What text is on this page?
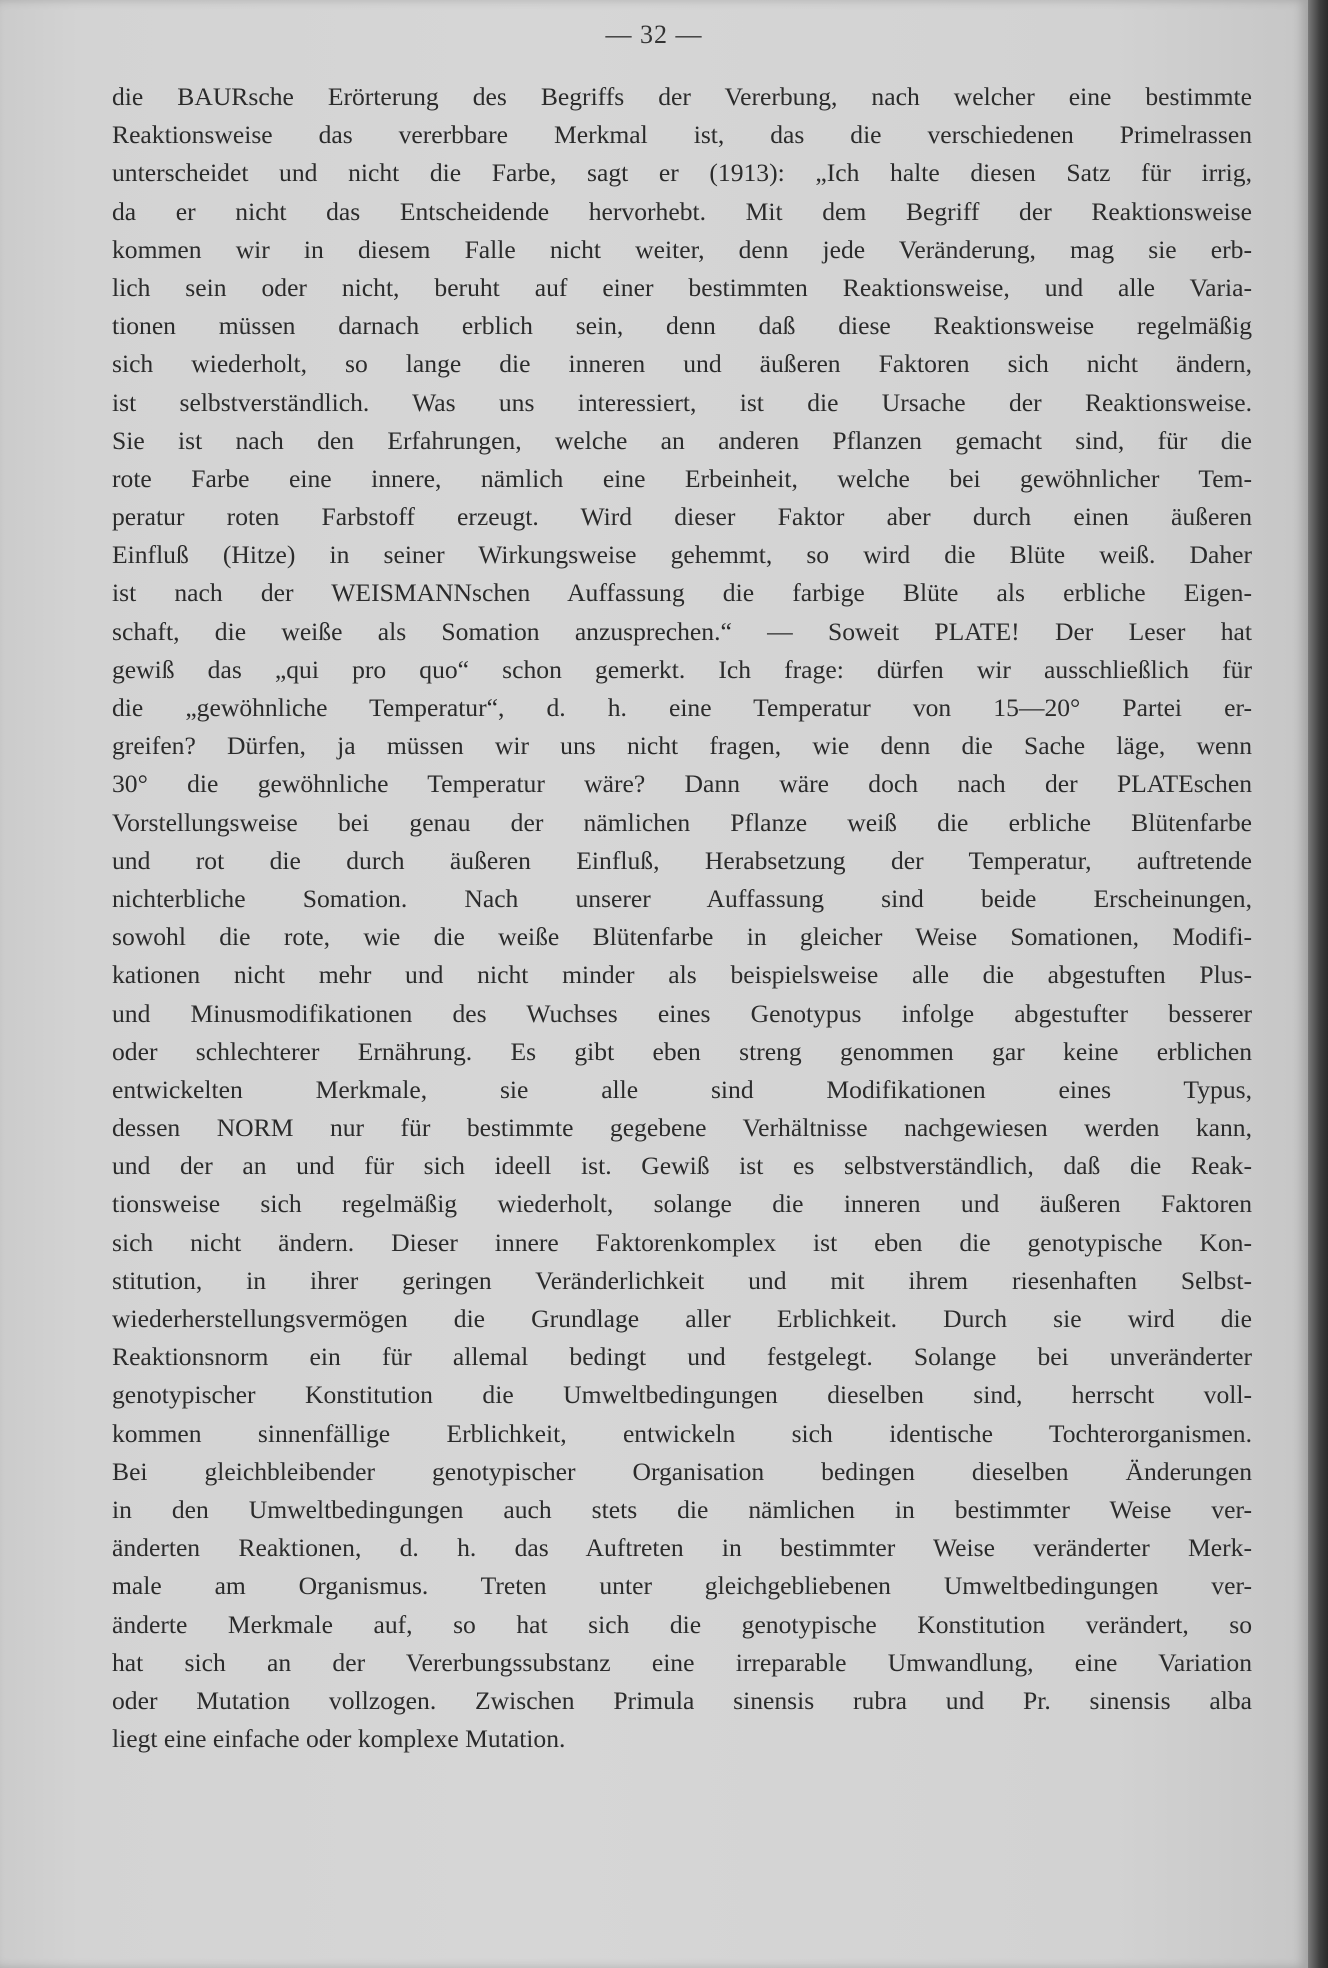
— 32 —
die BAURsche Erörterung des Begriffs der Vererbung, nach welcher eine bestimmte
Reaktionsweise das vererbbare Merkmal ist, das die verschiedenen Primelrassen
unterscheidet und nicht die Farbe, sagt er (1913): „Ich halte diesen Satz für irrig,
da er nicht das Entscheidende hervorhebt. Mit dem Begriff der Reaktionsweise
kommen wir in diesem Falle nicht weiter, denn jede Veränderung, mag sie erb-
lich sein oder nicht, beruht auf einer bestimmten Reaktionsweise, und alle Varia-
tionen müssen darnach erblich sein, denn daß diese Reaktionsweise regelmäßig
sich wiederholt, so lange die inneren und äußeren Faktoren sich nicht ändern,
ist selbstverständlich. Was uns interessiert, ist die Ursache der Reaktionsweise.
Sie ist nach den Erfahrungen, welche an anderen Pflanzen gemacht sind, für die
rote Farbe eine innere, nämlich eine Erbeinheit, welche bei gewöhnlicher Tem-
peratur roten Farbstoff erzeugt. Wird dieser Faktor aber durch einen äußeren
Einfluß (Hitze) in seiner Wirkungsweise gehemmt, so wird die Blüte weiß. Daher
ist nach der WEISMANNschen Auffassung die farbige Blüte als erbliche Eigen-
schaft, die weiße als Somation anzusprechen.“ — Soweit PLATE! Der Leser hat
gewiß das „qui pro quo“ schon gemerkt. Ich frage: dürfen wir ausschließlich für
die „gewöhnliche Temperatur“, d. h. eine Temperatur von 15—20° Partei er-
greifen? Dürfen, ja müssen wir uns nicht fragen, wie denn die Sache läge, wenn
30° die gewöhnliche Temperatur wäre? Dann wäre doch nach der PLATEschen
Vorstellungsweise bei genau der nämlichen Pflanze weiß die erbliche Blütenfarbe
und rot die durch äußeren Einfluß, Herabsetzung der Temperatur, auftretende
nichterbliche Somation. Nach unserer Auffassung sind beide Erscheinungen,
sowohl die rote, wie die weiße Blütenfarbe in gleicher Weise Somationen, Modifi-
kationen nicht mehr und nicht minder als beispielsweise alle die abgestuften Plus-
und Minusmodifikationen des Wuchses eines Genotypus infolge abgestufter besserer
oder schlechterer Ernährung. Es gibt eben streng genommen gar keine erblichen
entwickelten Merkmale, sie alle sind Modifikationen eines Typus,
dessen NORM nur für bestimmte gegebene Verhältnisse nachgewiesen werden kann,
und der an und für sich ideell ist. Gewiß ist es selbstverständlich, daß die Reak-
tionsweise sich regelmäßig wiederholt, solange die inneren und äußeren Faktoren
sich nicht ändern. Dieser innere Faktorenkomplex ist eben die genotypische Kon-
stitution, in ihrer geringen Veränderlichkeit und mit ihrem riesenhaften Selbst-
wiederherstellungsvermögen die Grundlage aller Erblichkeit. Durch sie wird die
Reaktionsnorm ein für allemal bedingt und festgelegt. Solange bei unveränderter
genotypischer Konstitution die Umweltbedingungen dieselben sind, herrscht voll-
kommen sinnenfällige Erblichkeit, entwickeln sich identische Tochterorganismen.
Bei gleichbleibender genotypischer Organisation bedingen dieselben Änderungen
in den Umweltbedingungen auch stets die nämlichen in bestimmter Weise ver-
änderten Reaktionen, d. h. das Auftreten in bestimmter Weise veränderter Merk-
male am Organismus. Treten unter gleichgebliebenen Umweltbedingungen ver-
änderte Merkmale auf, so hat sich die genotypische Konstitution verändert, so
hat sich an der Vererbungssubstanz eine irreparable Umwandlung, eine Variation
oder Mutation vollzogen. Zwischen Primula sinensis rubra und Pr. sinensis alba
liegt eine einfache oder komplexe Mutation.
